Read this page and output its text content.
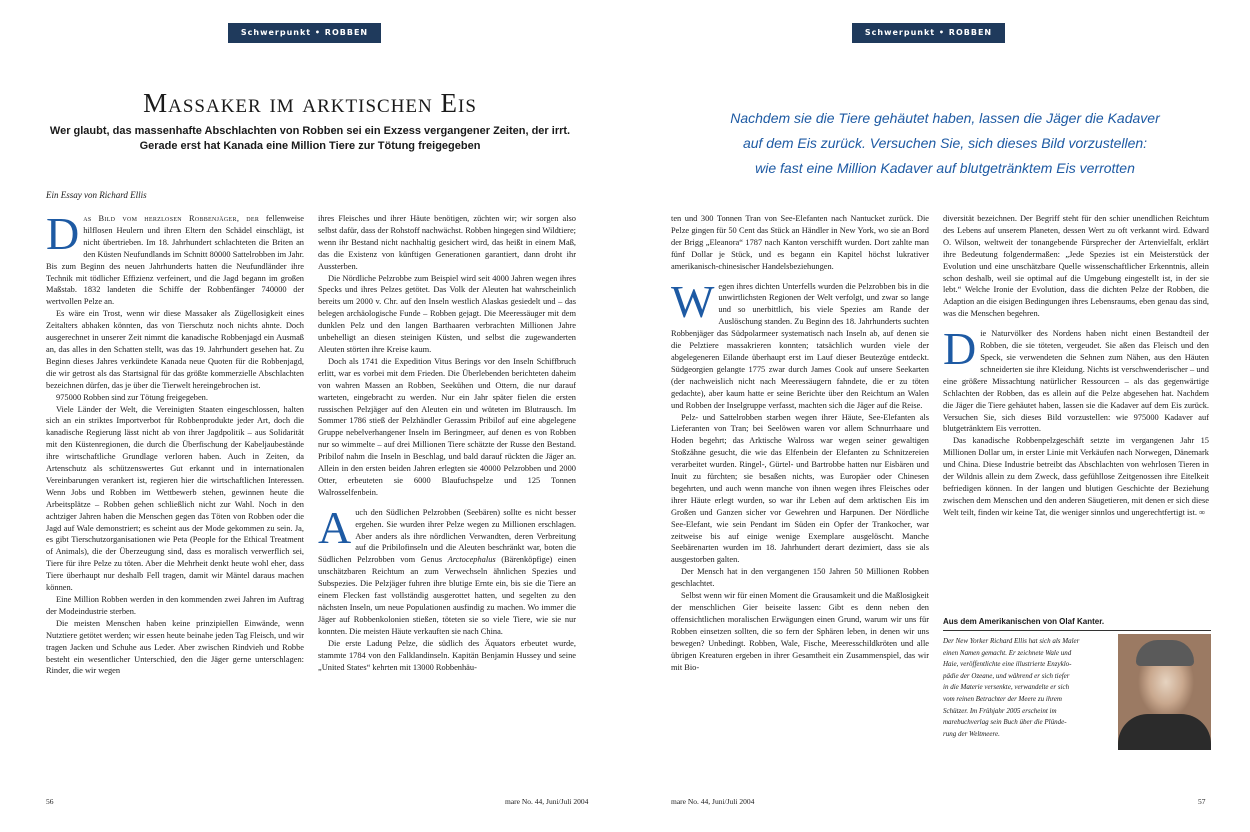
Schwerpunkt • ROBBEN
Massaker im arktischen Eis
Wer glaubt, das massenhafte Abschlachten von Robben sei ein Exzess vergangener Zeiten, der irrt.
Gerade erst hat Kanada eine Million Tiere zur Tötung freigegeben
Ein Essay von Richard Ellis

D as Bild vom herzlosen Robbenjäger, der fellenweise hilflosen Heulern und ihren Eltern den Schädel einschlägt, ist nicht übertrieben. Im 18. Jahrhundert schlachteten die Briten an den Küsten Neufundlands im Schnitt 80000 Sattelrobben im Jahr. Bis zum Beginn des neuen Jahrhunderts hatten die Neufundländer ihre Technik mit tödlicher Effizienz verfeinert, und die Jagd begann im großen Maßstab. 1832 landeten die Schiffe der Robbenfänger 740000 der wertvollen Pelze an.

Es wäre ein Trost, wenn wir diese Massaker als Zügellosigkeit eines Zeitalters abhaken könnten, das von Tierschutz noch nichts ahnte. Doch ausgerechnet in unserer Zeit nimmt die kanadische Robbenjagd ein Ausmaß an, das alles in den Schatten stellt, was das 19. Jahrhundert gesehen hat. Zu Beginn dieses Jahres verkündete Kanada neue Quoten für die Robbenjagd, die wir getrost als das Startsignal für das größte kommerzielle Abschlachten bezeichnen dürfen, das je über die Tierwelt hereingebrochen ist.

975000 Robben sind zur Tötung freigegeben.

Viele Länder der Welt, die Vereinigten Staaten eingeschlossen, halten sich an ein striktes Importverbot für Robbenprodukte jeder Art, doch die kanadische Regierung lässt nicht ab von ihrer Jagdpolitik – aus Solidarität mit den Küstenregionen, die durch die Überfischung der Kabeljaubestände ihre wirtschaftliche Grundlage verloren haben. Auch in Zeiten, da Artenschutz als schützenswertes Gut erkannt und in internationalen Vereinbarungen verankert ist, regieren hier die wirtschaftlichen Interessen. Wenn Jobs und Robben im Wettbewerb stehen, gewinnen heute die Arbeitsplätze – Robben gehen schließlich nicht zur Wahl. Noch in den achtziger Jahren haben die Menschen gegen das Töten von Robben oder die Jagd auf Wale demonstriert; es scheint aus der Mode gekommen zu sein. Ja, es gibt Tierschutzorganisationen wie Peta (People for the Ethical Treatment of Animals), die der Überzeugung sind, dass es moralisch verwerflich sei, Tiere für ihre Pelze zu töten. Aber die Mehrheit denkt heute wohl eher, dass Tiere überhaupt nur deshalb Fell tragen, damit wir Mäntel daraus machen können.

Eine Million Robben werden in den kommenden zwei Jahren im Auftrag der Modeindustrie sterben.

Die meisten Menschen haben keine prinzipiellen Einwände, wenn Nutztiere getötet werden; wir essen heute beinahe jeden Tag Fleisch, und wir tragen Jacken und Schuhe aus Leder. Aber zwischen Rindvieh und Robbe besteht ein wesentlicher Unterschied, den die Jäger gerne unterschlagen: Rinder, die wir wegen

ihres Fleisches und ihrer Häute benötigen, züchten wir; wir sorgen also selbst dafür, dass der Rohstoff nachwächst. Robben hingegen sind Wildtiere; wenn ihr Bestand nicht nachhaltig gesichert wird, das heißt in einem Maß, das die Existenz von künftigen Generationen garantiert, dann droht ihr Aussterben.

Die Nördliche Pelzrobbe zum Beispiel wird seit 4000 Jahren wegen ihres Specks und ihres Pelzes getötet. Das Volk der Aleuten hat wahrscheinlich bereits um 2000 v. Chr. auf den Inseln westlich Alaskas gesiedelt und – das belegen archäologische Funde – Robben gejagt. Die Meeressäuger mit dem dunklen Pelz und den langen Barthaaren verbrachten Millionen Jahre unbehelligt an diesen steinigen Küsten, und selbst die zugewanderten Aleuten störten ihre Kreise kaum.

Doch als 1741 die Expedition Vitus Berings vor den Inseln Schiffbruch erlitt, war es vorbei mit dem Frieden. Die Überlebenden berichteten daheim von wahren Massen an Robben, Seekühen und Ottern, die nur darauf warteten, eingebracht zu werden. Nur ein Jahr später fielen die ersten russischen Pelzjäger auf den Aleuten ein und wüteten im Blutrausch. Im Sommer 1786 stieß der Pelzhändler Gerassim Pribilof auf eine abgelegene Gruppe nebelverhangener Inseln im Beringmeer, auf denen es von Robben nur so wimmelte – auf drei Millionen Tiere schätzte der Russe den Bestand. Pribilof nahm die Inseln in Beschlag, und bald darauf rückten die Jäger an. Allein in den ersten beiden Jahren erlegten sie 40000 Pelzrobben und 2000 Otter, erbeuteten sie 6000 Blaufuchspelze und 125 Tonnen Walrosselfenbein.

A uch den Südlichen Pelzrobben (Seebären) sollte es nicht besser ergehen. Sie wurden ihrer Pelze wegen zu Millionen erschlagen. Aber anders als ihre nördlichen Verwandten, deren Verbreitung auf die Pribilofinseln und die Aleuten beschränkt war, boten die Südlichen Pelzrobben vom Genus Arctocephalus (Bärenköpfige) einen unschätzbaren Reichtum an zum Verwechseln ähnlichen Spezies und Subspezies. Die Pelzjäger fuhren ihre blutige Ernte ein, bis sie die Tiere an einem Flecken fast vollständig ausgerottet hatten, und segelten zu den nächsten Inseln, um neue Populationen ausfindig zu machen. Wo immer die Jäger auf Robbenkolonien stießen, töteten sie so viele Tiere, wie sie nur konnten. Die meisten Häute verkauften sie nach China.

Die erste Ladung Pelze, die südlich des Äquators erbeutet wurde, stammte 1784 von den Falklandinseln. Kapitän Benjamin Hussey und seine „United States“ kehrten mit 13000 Robbenhäu-

56	mare No. 44, Juni/Juli 2004
Schwerpunkt • ROBBEN
Nachdem sie die Tiere gehäutet haben, lassen die Jäger die Kadaver
auf dem Eis zurück. Versuchen Sie, sich dieses Bild vorzustellen:
wie fast eine Million Kadaver auf blutgetränktem Eis verrotten

ten und 300 Tonnen Tran von See-Elefanten nach Nantucket zurück. Die Pelze gingen für 50 Cent das Stück an Händler in New York, wo sie an Bord der Brigg „Eleanora“ 1787 nach Kanton verschifft wurden. Dort zahlte man fünf Dollar je Stück, und es begann ein Kapitel höchst lukrativer amerikanisch-chinesischer Handelsbeziehungen.

W egen ihres dichten Unterfells wurden die Pelzrobben bis in die unwirtlichsten Regionen der Welt verfolgt, und zwar so lange und so unerbittlich, bis viele Spezies am Rande der Auslöschung standen. Zu Beginn des 18. Jahrhunderts suchten Robbenjäger das Südpolarmeer systematisch nach Inseln ab, auf denen sie die Pelztiere massakrieren konnten; tatsächlich wurden viele der abgelegeneren Eilande überhaupt erst im Lauf dieser Beutezüge entdeckt. Südgeorgien gelangte 1775 zwar durch James Cook auf unsere Seekarten (der nachweislich nicht nach Meeressäugern fahndete, die er zu töten gedachte), aber kaum hatte er seine Berichte über den Reichtum an Walen und Robben der Inselgruppe verfasst, machten sich die Jäger auf die Reise.

Pelz- und Sattelrobben starben wegen ihrer Häute, See-Elefanten als Lieferanten von Tran; bei Seelöwen waren vor allem Schnurrhaare und Hoden begehrt; das Arktische Walross war wegen seiner gewaltigen Stoßzähne gesucht, die wie das Elfenbein der Elefanten zu Schnitzereien verarbeitet wurden. Ringel-, Gürtel- und Bartrobbe hatten nur Eisbären und Inuit zu fürchten; sie besaßen nichts, was Europäer oder Chinesen begehrten, und auch wenn manche von ihnen wegen ihres Fleisches oder ihrer Häute erlegt wurden, so war ihr Leben auf dem arktischen Eis im Großen und Ganzen sicher vor Gewehren und Harpunen. Der Nördliche See-Elefant, wie sein Pendant im Süden ein Opfer der Trankocher, war zeitweise bis auf einige wenige Exemplare ausgelöscht. Manche Seebärenarten wurden im 18. Jahrhundert derart dezimiert, dass sie als ausgestorben galten.

Der Mensch hat in den vergangenen 150 Jahren 50 Millionen Robben geschlachtet.

Selbst wenn wir für einen Moment die Grausamkeit und die Maßlosigkeit der menschlichen Gier beiseite lassen: Gibt es denn neben den offensichtlichen moralischen Erwägungen einen Grund, warum wir uns für Robben einsetzen sollten, die so fern der Sphären leben, in denen wir uns bewegen? Unbedingt. Robben, Wale, Fische, Meeresschildkröten und alle übrigen Kreaturen ergeben in ihrer Gesamtheit ein Zusammenspiel, das wir mit Bio-

diversität bezeichnen. Der Begriff steht für den schier unendlichen Reichtum des Lebens auf unserem Planeten, dessen Wert zu oft verkannt wird. Edward O. Wilson, weltweit der tonangebende Fürsprecher der Artenvielfalt, erklärt ihre Bedeutung folgendermaßen: „Jede Spezies ist ein Meisterstück der Evolution und eine unschätzbare Quelle wissenschaftlicher Erkenntnis, allein schon deshalb, weil sie optimal auf die Umgebung eingestellt ist, in der sie lebt.“ Welche Ironie der Evolution, dass die dichten Pelze der Robben, die Adaption an die eisigen Bedingungen ihres Lebensraums, eben genau das sind, was die Menschen begehren.

D ie Naturvölker des Nordens haben nicht einen Bestandteil der Robben, die sie töteten, vergeudet. Sie aßen das Fleisch und den Speck, sie verwendeten die Sehnen zum Nähen, aus den Häuten schneiderten sie ihre Kleidung. Nichts ist verschwenderischer – und eine größere Missachtung natürlicher Ressourcen – als das gegenwärtige Schlachten der Robben, das es allein auf die Pelze abgesehen hat. Nachdem die Jäger die Tiere gehäutet haben, lassen sie die Kadaver auf dem Eis zurück. Versuchen Sie, sich dieses Bild vorzustellen: wie 975000 Kadaver auf blutgetränktem Eis verrotten.

Das kanadische Robbenpelzgeschäft setzte im vergangenen Jahr 15 Millionen Dollar um, in erster Linie mit Verkäufen nach Norwegen, Dänemark und China. Diese Industrie betreibt das Abschlachten von wehrlosen Tieren in der Wildnis allein zu dem Zweck, dass gefühllose Zeitgenossen ihre Eitelkeit befriedigen können. In der langen und blutigen Geschichte der Beziehung zwischen dem Menschen und den anderen Säugetieren, mit denen er sich diese Welt teilt, finden wir keine Tat, die weniger sinnlos und ungerechtfertigt ist. ∞

Aus dem Amerikanischen von Olaf Kanter.
Der New Yorker Richard Ellis hat sich als Maler
einen Namen gemacht. Er zeichnete Wale und
Haie, veröffentlichte eine illustrierte Enzyklo-
pädie der Ozeane, und während er sich tiefer
in die Materie versenkte, verwandelte er sich
vom reinen Betrachter der Meere zu ihrem
Schützer. Im Frühjahr 2005 erscheint im
marebuchverlag sein Buch über die Plünde-
rung der Weltmeere.
mare No. 44, Juni/Juli 2004	57
